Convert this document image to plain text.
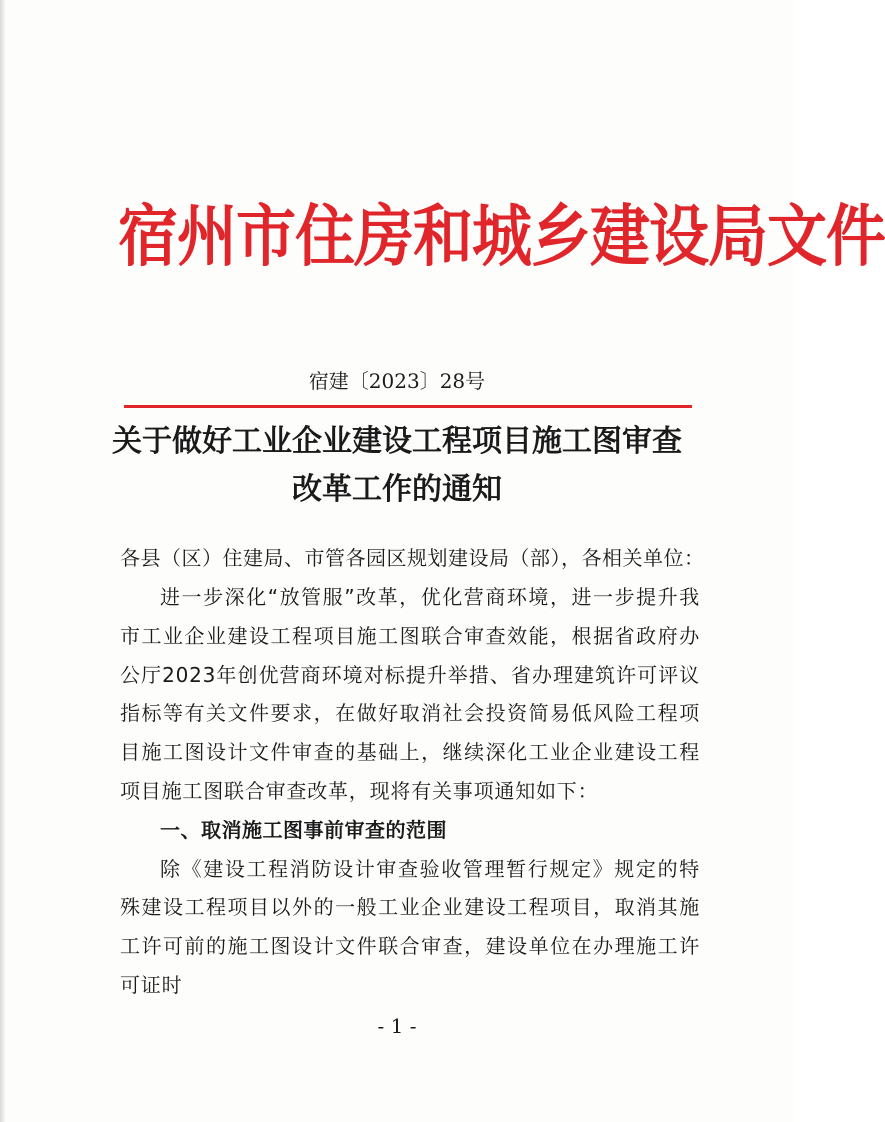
宿州市住房和城乡建设局文件
宿建〔2023〕28号
关于做好工业企业建设工程项目施工图审查
改革工作的通知
各县（区）住建局、市管各园区规划建设局（部），各相关单位：

进一步深化“放管服”改革，优化营商环境，进一步提升我市工业企业建设工程项目施工图联合审查效能，根据省政府办公厅2023年创优营商环境对标提升举措、省办理建筑许可评议指标等有关文件要求，在做好取消社会投资简易低风险工程项目施工图设计文件审查的基础上，继续深化工业企业建设工程项目施工图联合审查改革，现将有关事项通知如下：

一、取消施工图事前审查的范围

除《建设工程消防设计审查验收管理暂行规定》规定的特殊建设工程项目以外的一般工业企业建设工程项目，取消其施工许可前的施工图设计文件联合审查，建设单位在办理施工许可证时

- 1 -
